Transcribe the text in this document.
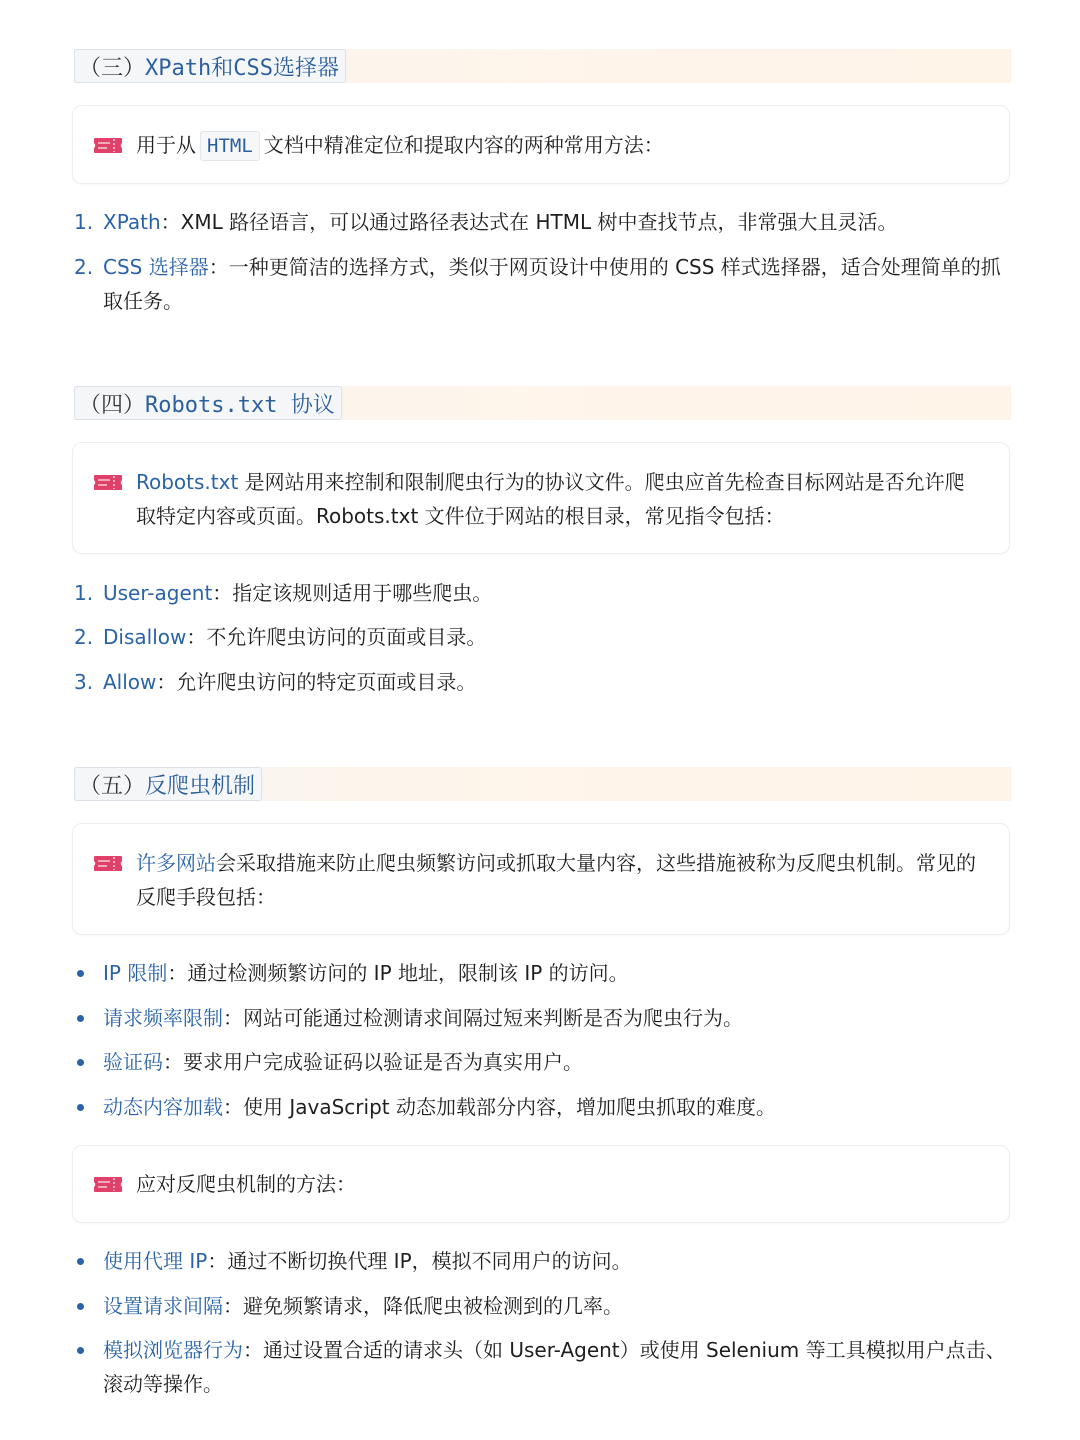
（三） XPath和CSS选择器
用于从 HTML 文档中精准定位和提取内容的两种常用方法：
1. XPath：XML 路径语言，可以通过路径表达式在 HTML 树中查找节点，非常强大且灵活。
2. CSS 选择器：一种更简洁的选择方式，类似于网页设计中使用的 CSS 样式选择器，适合处理简单的抓取任务。
（四） Robots.txt 协议
Robots.txt 是网站用来控制和限制爬虫行为的协议文件。爬虫应首先检查目标网站是否允许爬取特定内容或页面。Robots.txt 文件位于网站的根目录，常见指令包括：
1. User-agent：指定该规则适用于哪些爬虫。
2. Disallow：不允许爬虫访问的页面或目录。
3. Allow：允许爬虫访问的特定页面或目录。
（五） 反爬虫机制
许多网站会采取措施来防止爬虫频繁访问或抓取大量内容，这些措施被称为反爬虫机制。常见的反爬手段包括：
IP 限制：通过检测频繁访问的 IP 地址，限制该 IP 的访问。
请求频率限制：网站可能通过检测请求间隔过短来判断是否为爬虫行为。
验证码：要求用户完成验证码以验证是否为真实用户。
动态内容加载：使用 JavaScript 动态加载部分内容，增加爬虫抓取的难度。
应对反爬虫机制的方法：
使用代理 IP：通过不断切换代理 IP，模拟不同用户的访问。
设置请求间隔：避免频繁请求，降低爬虫被检测到的几率。
模拟浏览器行为：通过设置合适的请求头（如 User-Agent）或使用 Selenium 等工具模拟用户点击、滚动等操作。
